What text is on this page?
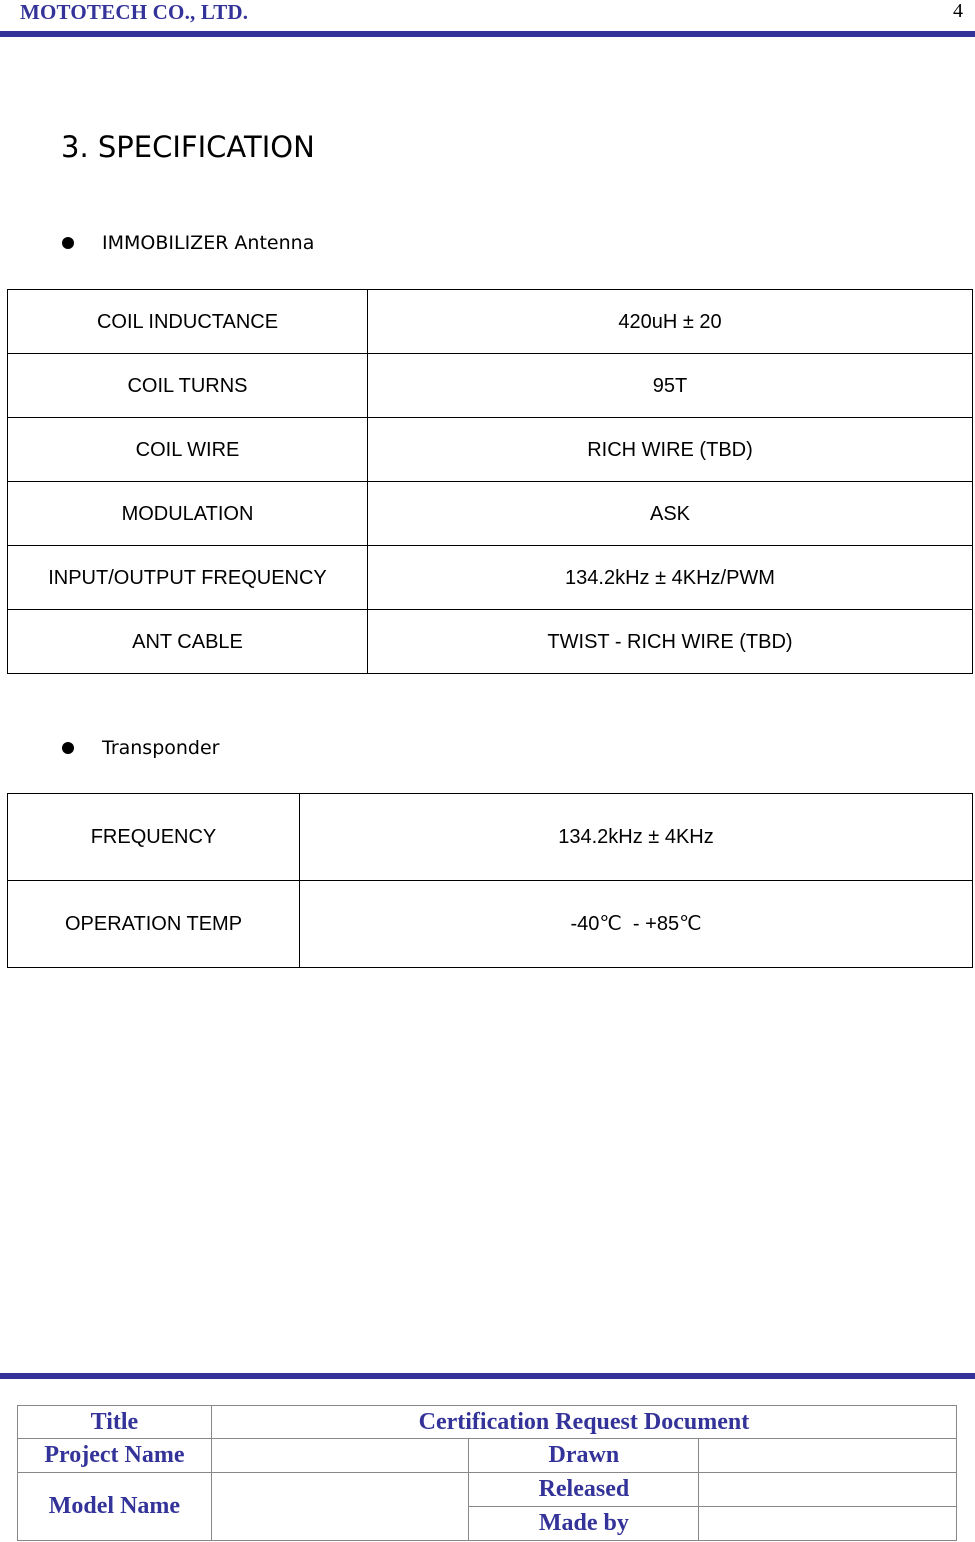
MOTOTECH CO., LTD.	4
3. SPECIFICATION
IMMOBILIZER Antenna
COIL INDUCTANCE	420uH ± 20
COIL TURNS	95T
COIL WIRE	RICH WIRE (TBD)
MODULATION	ASK
INPUT/OUTPUT FREQUENCY	134.2kHz ± 4KHz/PWM
ANT CABLE	TWIST - RICH WIRE (TBD)
Transponder
FREQUENCY	134.2kHz ± 4KHz
OPERATION TEMP	-40℃  - +85℃
Title	Certification Request Document		
Project Name		Drawn	
Model Name		Released	
		Made by	
